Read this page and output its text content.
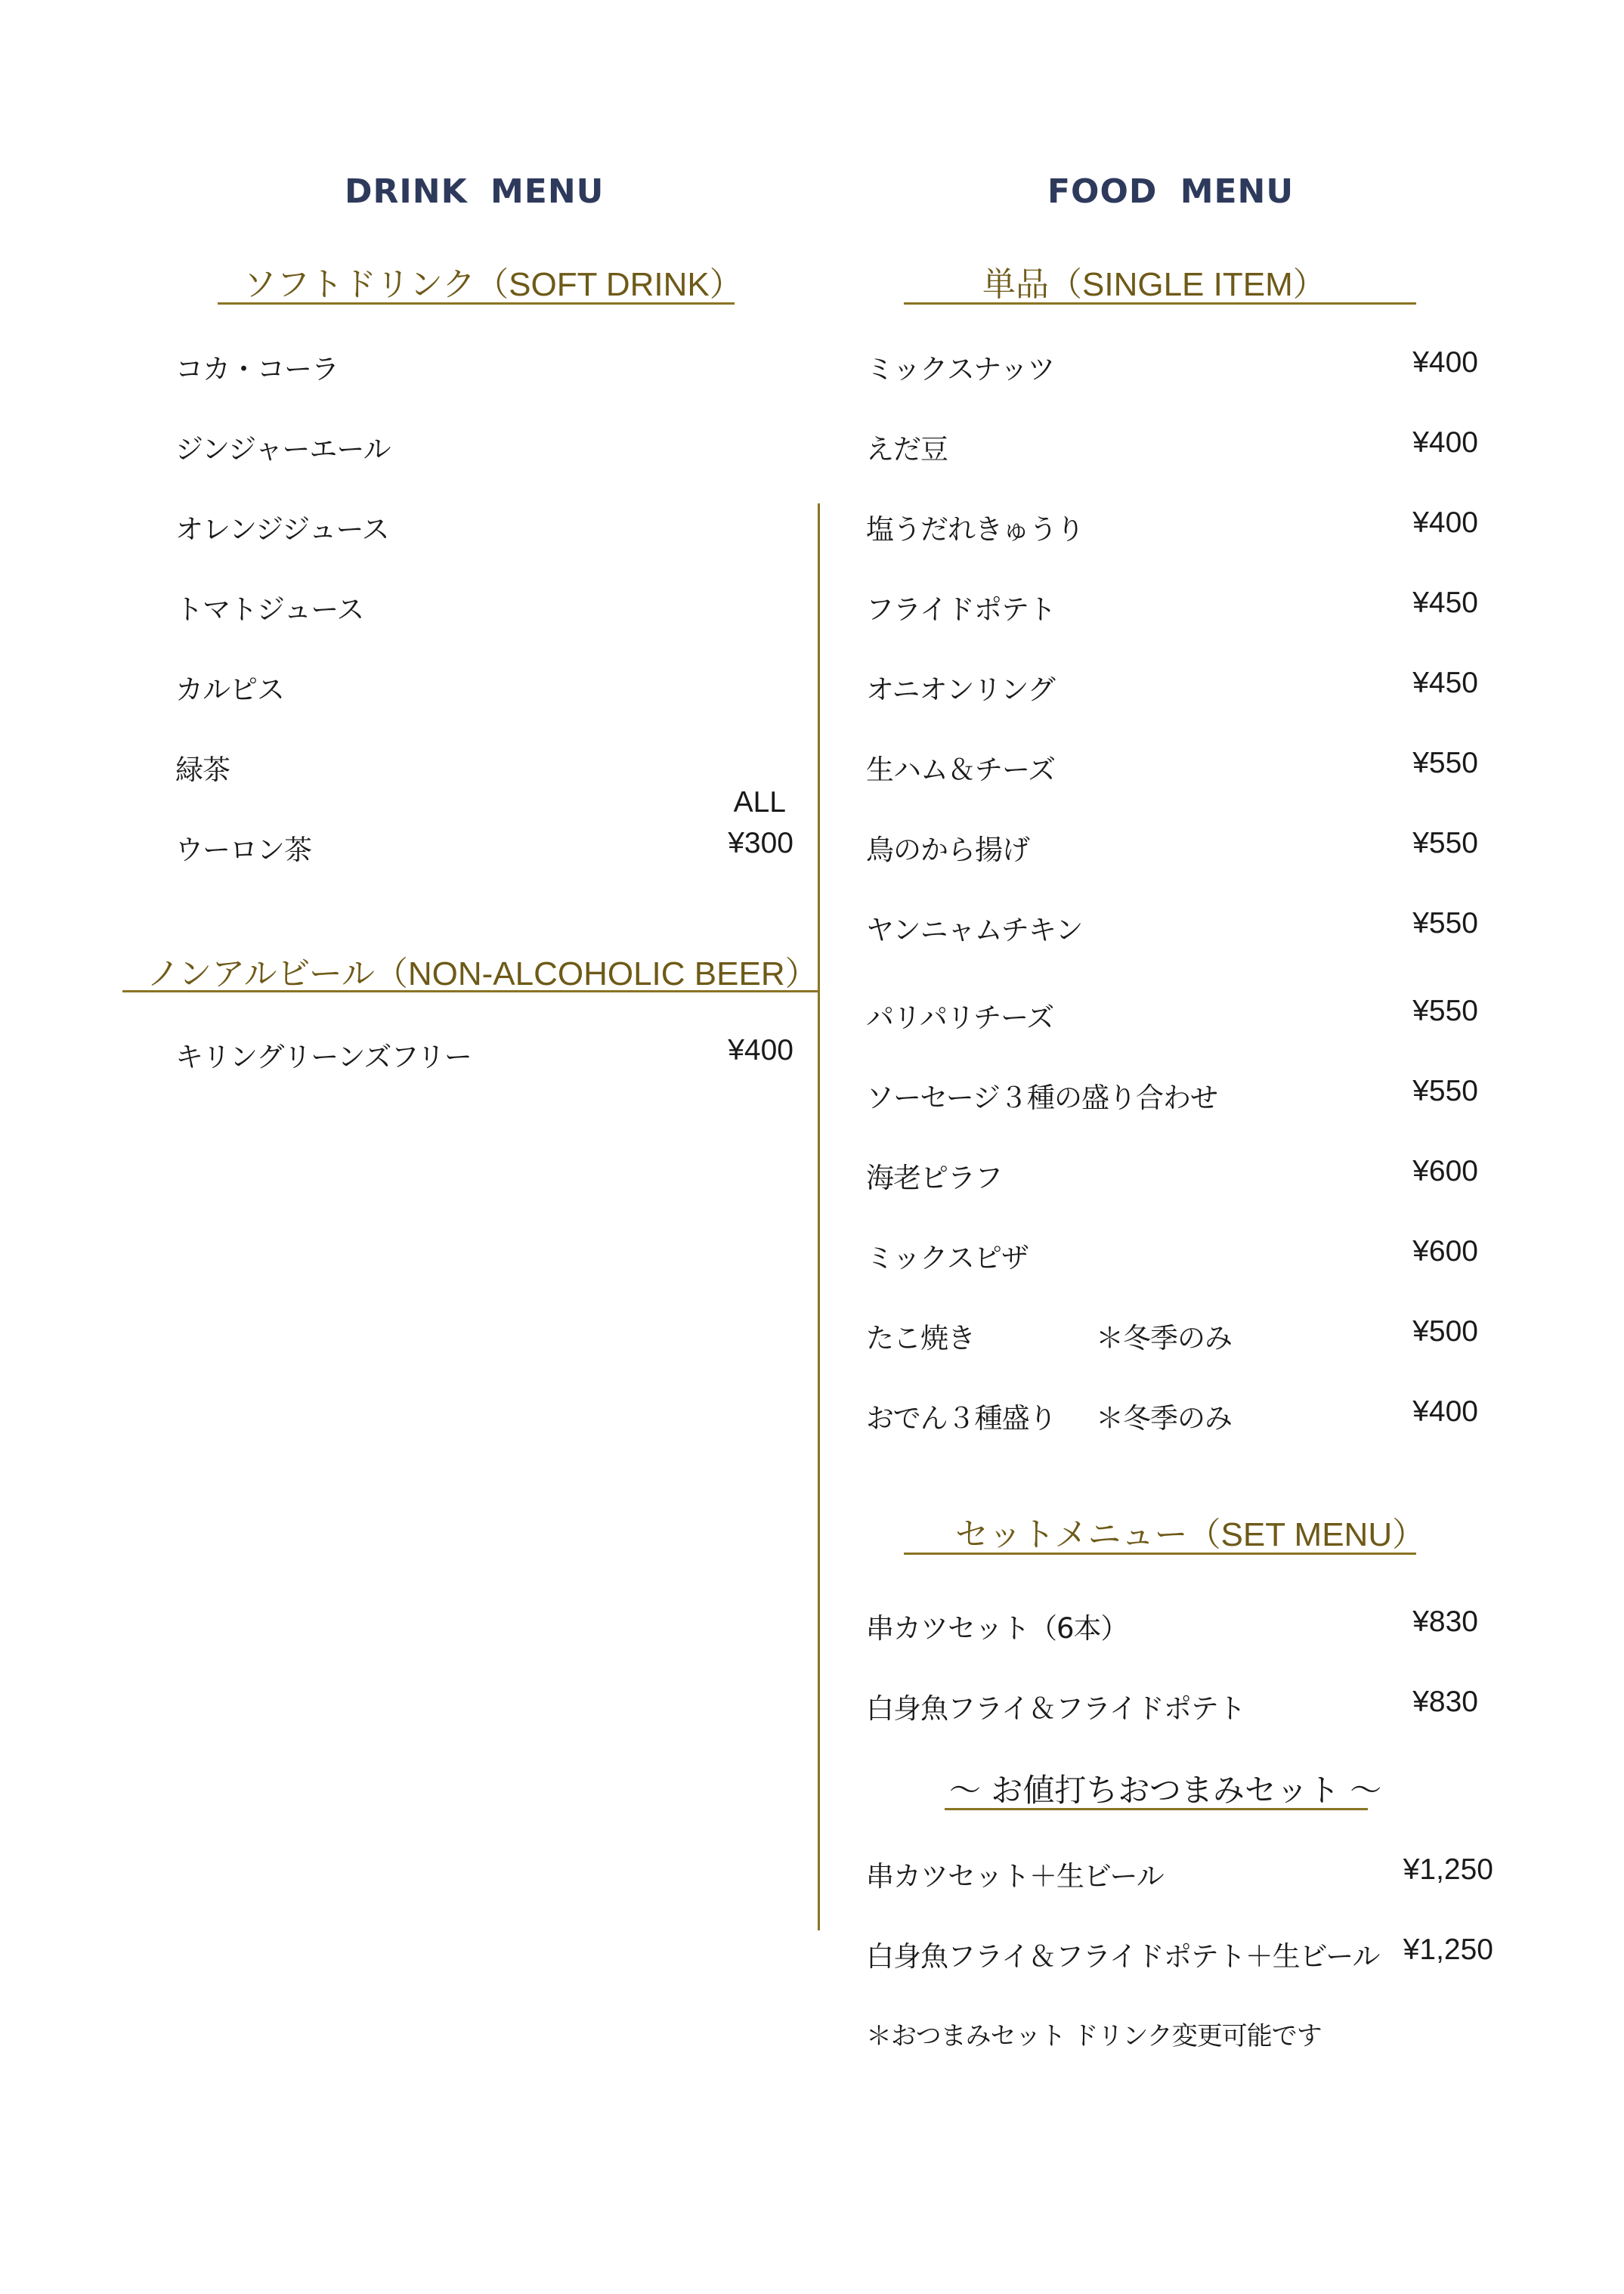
DRINK MENU
ソフトドリンク（SOFT DRINK）
コカ・コーラ
ジンジャーエール
オレンジジュース
トマトジュース
カルピス
緑茶
ウーロン茶
ALL
¥300
ノンアルビール（NON-ALCOHOLIC BEER）
キリングリーンズフリー	¥400
FOOD MENU
単品（SINGLE ITEM）
ミックスナッツ	¥400
えだ豆	¥400
塩うだれきゅうり	¥400
フライドポテト	¥450
オニオンリング	¥450
生ハム＆チーズ	¥550
鳥のから揚げ	¥550
ヤンニャムチキン	¥550
パリパリチーズ	¥550
ソーセージ３種の盛り合わせ	¥550
海老ピラフ	¥600
ミックスピザ	¥600
たこ焼き	＊冬季のみ	¥500
おでん３種盛り ＊冬季のみ	¥400
セットメニュー（SET MENU）
串カツセット（6本）	¥830
白身魚フライ＆フライドポテト	¥830
～ お値打ちおつまみセット ～
串カツセット＋生ビール	¥1,250
白身魚フライ＆フライドポテト＋生ビール ¥1,250
＊おつまみセット ドリンク変更可能です
